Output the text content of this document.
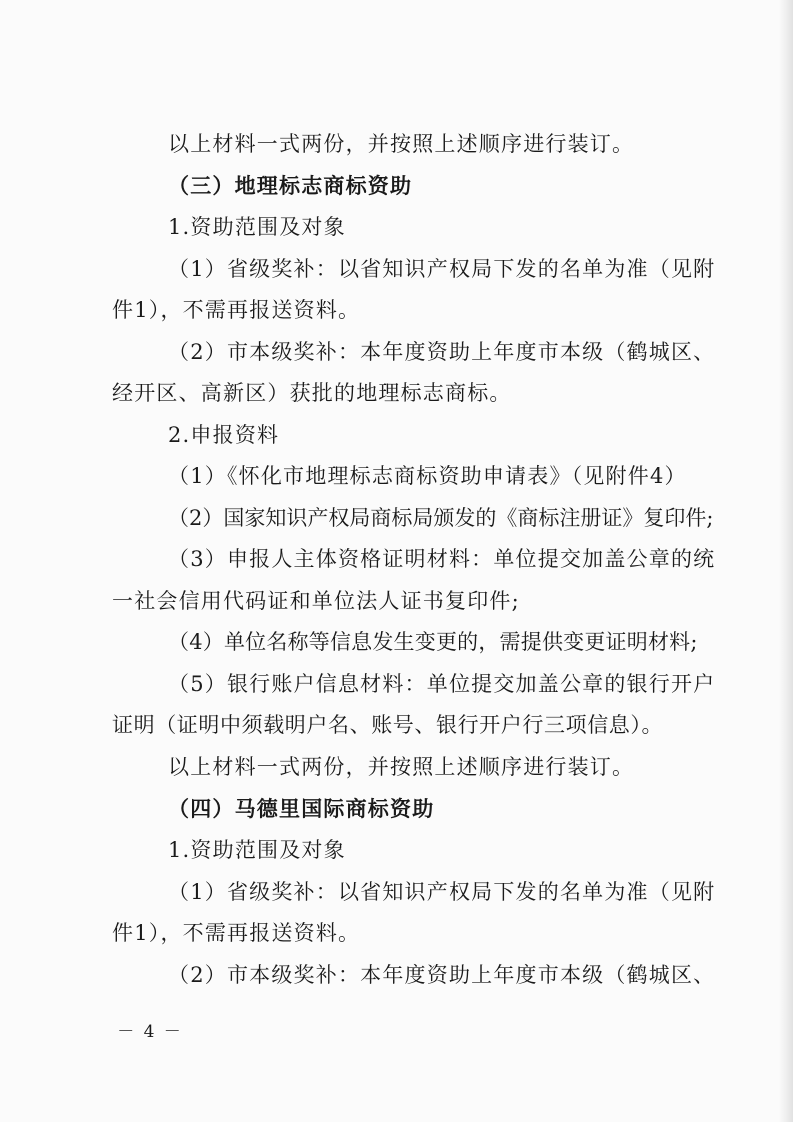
以上材料一式两份，并按照上述顺序进行装订。
（三）地理标志商标资助
1.资助范围及对象
（1）省级奖补：以省知识产权局下发的名单为准（见附
件1），不需再报送资料。
（2）市本级奖补：本年度资助上年度市本级（鹤城区、
经开区、高新区）获批的地理标志商标。
2.申报资料
（1）《怀化市地理标志商标资助申请表》（见附件4）
（2）国家知识产权局商标局颁发的《商标注册证》复印件;
（3）申报人主体资格证明材料：单位提交加盖公章的统
一社会信用代码证和单位法人证书复印件;
（4）单位名称等信息发生变更的，需提供变更证明材料;
（5）银行账户信息材料：单位提交加盖公章的银行开户
证明（证明中须载明户名、账号、银行开户行三项信息）。
以上材料一式两份，并按照上述顺序进行装订。
（四）马德里国际商标资助
1.资助范围及对象
（1）省级奖补：以省知识产权局下发的名单为准（见附
件1），不需再报送资料。
（2）市本级奖补：本年度资助上年度市本级（鹤城区、
－ 4 －
